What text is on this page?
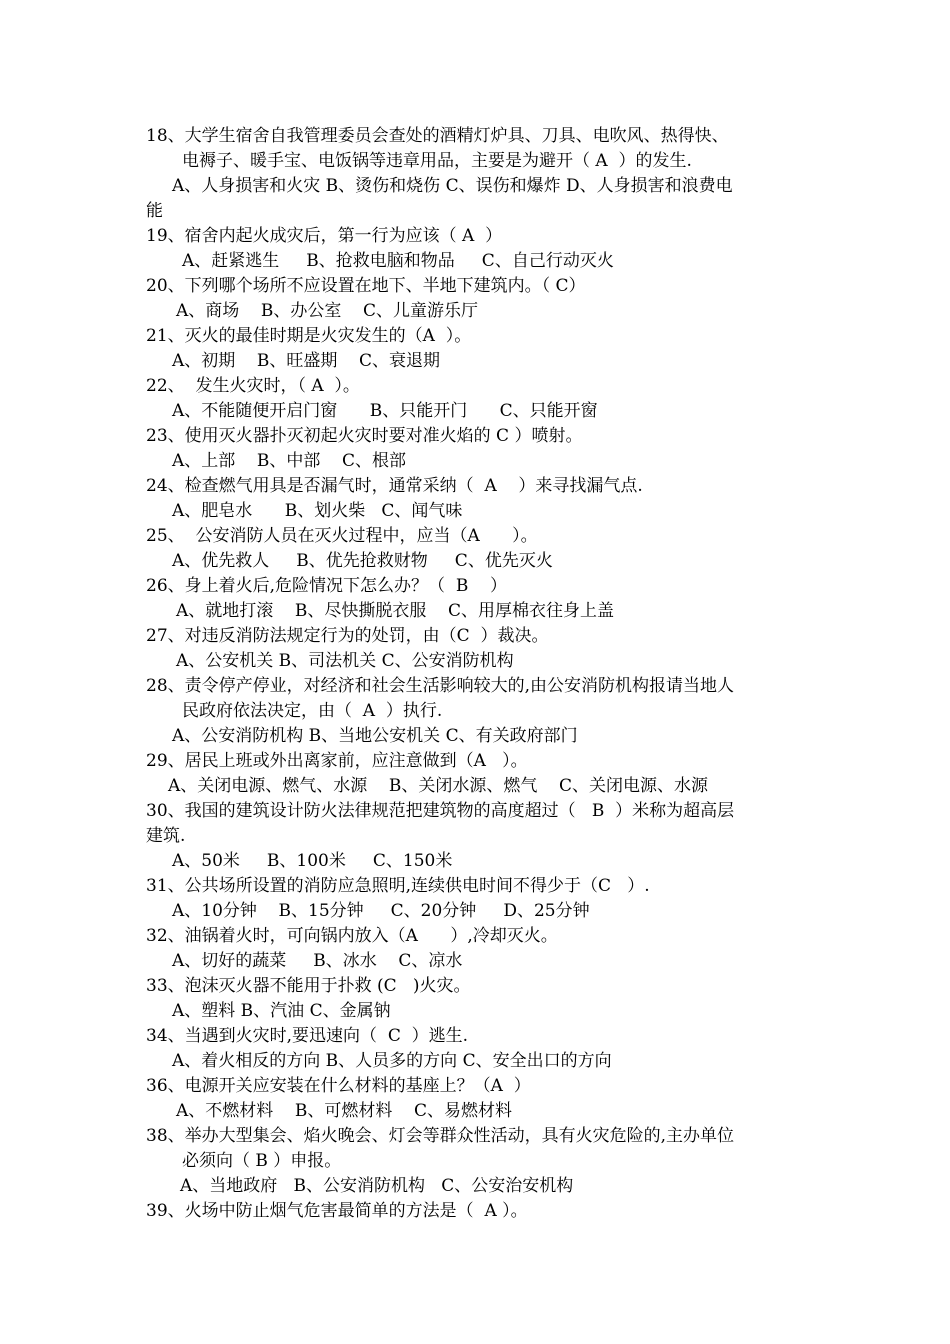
18、大学生宿舍自我管理委员会查处的酒精灯炉具、刀具、电吹风、热得快、
电褥子、暖手宝、电饭锅等违章用品，主要是为避开（ A  ）的发生.
A、人身损害和火灾 B、烫伤和烧伤 C、误伤和爆炸 D、人身损害和浪费电
能
19、宿舍内起火成灾后，第一行为应该（ A  ）
A、赶紧逃生     B、抢救电脑和物品     C、自己行动灭火
20、下列哪个场所不应设置在地下、半地下建筑内。（ C）
A、商场    B、办公室    C、儿童游乐厅
21、灭火的最佳时期是火灾发生的（A  ）。
A、初期    B、旺盛期    C、衰退期
22、  发生火灾时，（ A  ）。
A、不能随便开启门窗      B、只能开门      C、只能开窗
23、使用灭火器扑灭初起火灾时要对准火焰的 C ）喷射。
A、上部    B、中部    C、根部
24、检查燃气用具是否漏气时，通常采纳（  A    ）来寻找漏气点.
A、肥皂水      B、划火柴   C、闻气味
25、  公安消防人员在灭火过程中，应当（A      ）。
A、优先救人     B、优先抢救财物     C、优先灭火
26、身上着火后,危险情况下怎么办？（  B    ）
A、就地打滚    B、尽快撕脱衣服    C、用厚棉衣往身上盖
27、对违反消防法规定行为的处罚，由（C  ）裁决。
A、公安机关 B、司法机关 C、公安消防机构
28、责令停产停业，对经济和社会生活影响较大的,由公安消防机构报请当地人
民政府依法决定，由（  A  ）执行.
A、公安消防机构 B、当地公安机关 C、有关政府部门
29、居民上班或外出离家前，应注意做到（A   ）。
A、关闭电源、燃气、水源    B、关闭水源、燃气    C、关闭电源、水源
30、我国的建筑设计防火法律规范把建筑物的高度超过（   B  ）米称为超高层
建筑.
A、50米     B、100米     C、150米
31、公共场所设置的消防应急照明,连续供电时间不得少于（C   ）.
A、10分钟    B、15分钟     C、20分钟     D、25分钟
32、油锅着火时，可向锅内放入（A      ）,冷却灭火。
A、切好的蔬菜     B、冰水    C、凉水
33、泡沫灭火器不能用于扑救 (C   )火灾。
A、塑料 B、汽油 C、金属钠
34、当遇到火灾时,要迅速向（  C  ）逃生.
A、着火相反的方向 B、人员多的方向 C、安全出口的方向
36、电源开关应安装在什么材料的基座上？（A  ）
A、不燃材料    B、可燃材料    C、易燃材料
38、举办大型集会、焰火晚会、灯会等群众性活动，具有火灾危险的,主办单位
必须向（ B ）申报。
A、当地政府   B、公安消防机构   C、公安治安机构
39、火场中防止烟气危害最简单的方法是（  A ）。
